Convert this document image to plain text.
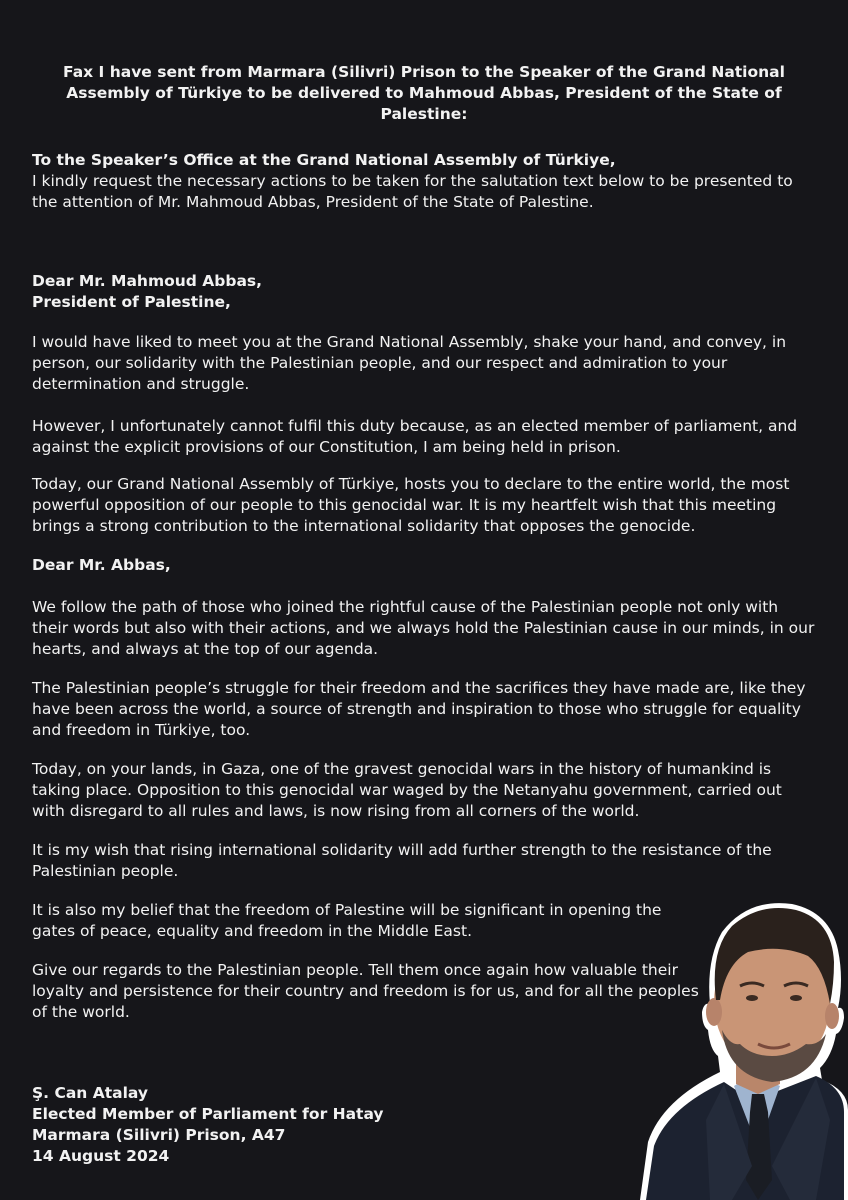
Fax I have sent from Marmara (Silivri) Prison to the Speaker of the Grand National Assembly of Türkiye to be delivered to Mahmoud Abbas, President of the State of Palestine:

To the Speaker’s Office at the Grand National Assembly of Türkiye,

I kindly request the necessary actions to be taken for the salutation text below to be presented to the attention of Mr. Mahmoud Abbas, President of the State of Palestine.

Dear Mr. Mahmoud Abbas,

President of Palestine,

I would have liked to meet you at the Grand National Assembly, shake your hand, and convey, in person, our solidarity with the Palestinian people, and our respect and admiration to your determination and struggle.

However, I unfortunately cannot fulfil this duty because, as an elected member of parliament, and against the explicit provisions of our Constitution, I am being held in prison.

Today, our Grand National Assembly of Türkiye, hosts you to declare to the entire world, the most powerful opposition of our people to this genocidal war. It is my heartfelt wish that this meeting brings a strong contribution to the international solidarity that opposes the genocide.

Dear Mr. Abbas,

We follow the path of those who joined the rightful cause of the Palestinian people not only with their words but also with their actions, and we always hold the Palestinian cause in our minds, in our hearts, and always at the top of our agenda.

The Palestinian people’s struggle for their freedom and the sacrifices they have made are, like they have been across the world, a source of strength and inspiration to those who struggle for equality and freedom in Türkiye, too.

Today, on your lands, in Gaza, one of the gravest genocidal wars in the history of humankind is taking place. Opposition to this genocidal war waged by the Netanyahu government, carried out with disregard to all rules and laws, is now rising from all corners of the world.

It is my wish that rising international solidarity will add further strength to the resistance of the Palestinian people.

It is also my belief that the freedom of Palestine will be significant in opening the gates of peace, equality and freedom in the Middle East.

Give our regards to the Palestinian people. Tell them once again how valuable their loyalty and persistence for their country and freedom is for us, and for all the peoples of the world.

Ş. Can Atalay

Elected Member of Parliament for Hatay

Marmara (Silivri) Prison, A47

14 August 2024
